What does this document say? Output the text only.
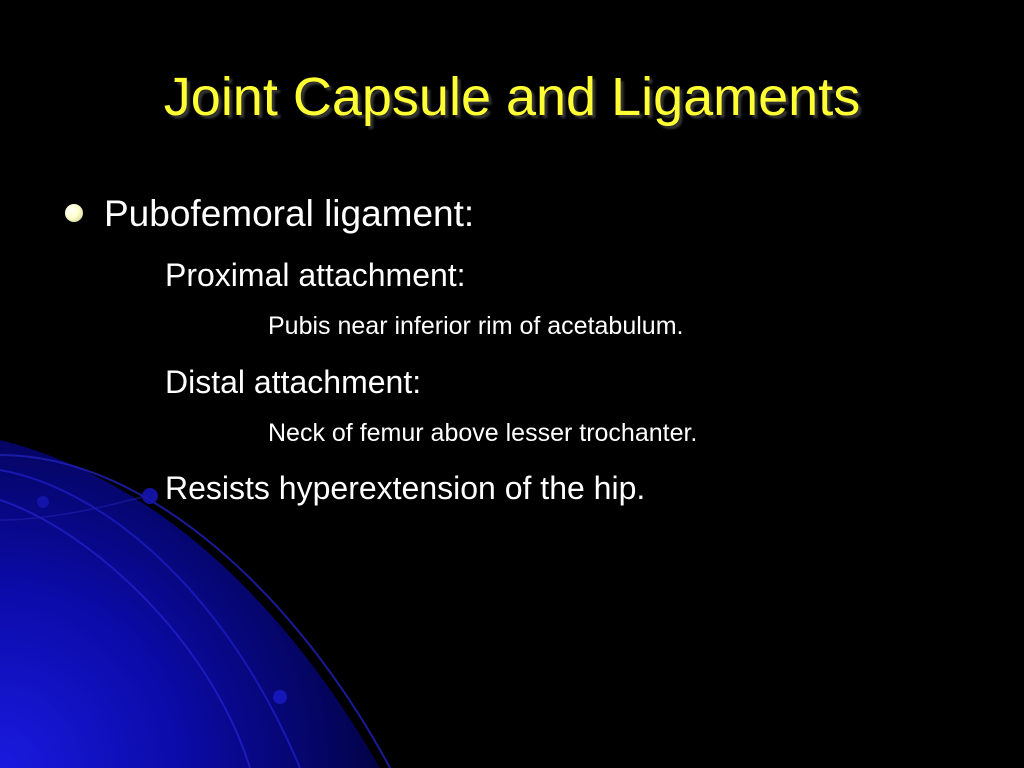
Joint Capsule and Ligaments
Pubofemoral ligament:
Proximal attachment:
Pubis near inferior rim of acetabulum.
Distal attachment:
Neck of femur above lesser trochanter.
Resists hyperextension of the hip.
